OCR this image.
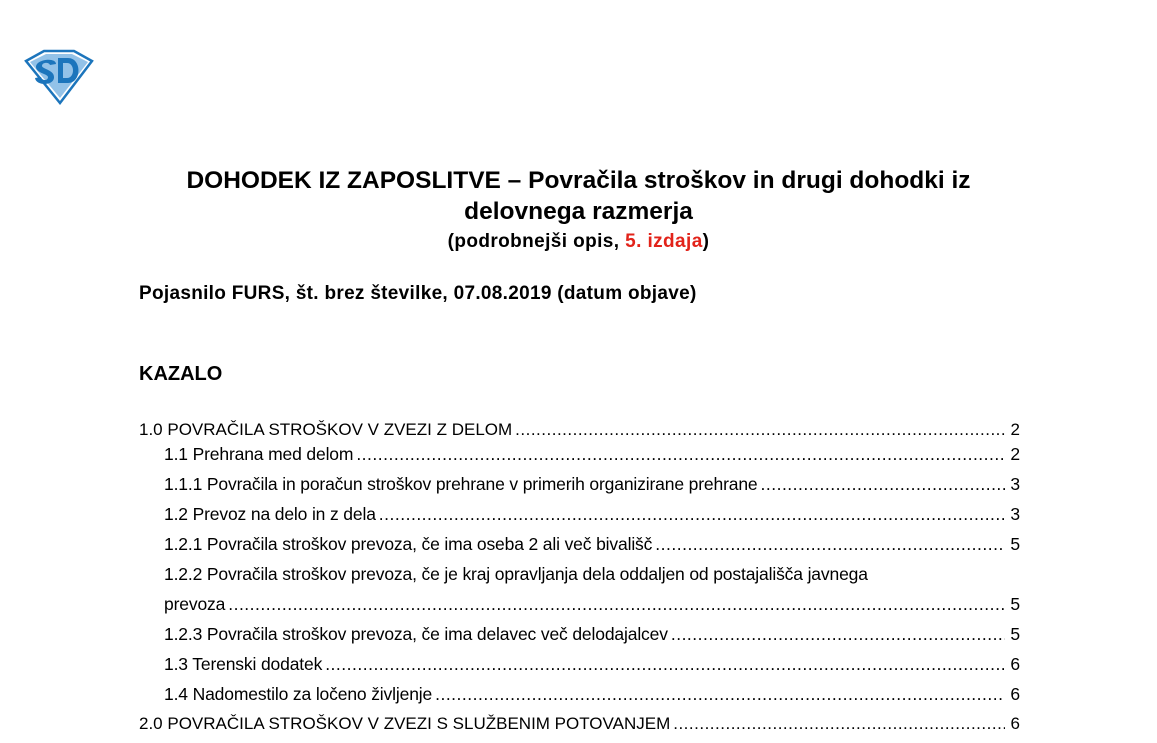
DOHODEK IZ ZAPOSLITVE – Povračila stroškov in drugi dohodki iz
delovnega razmerja
(podrobnejši opis, 5. izdaja)
Pojasnilo FURS, št. brez številke, 07.08.2019 (datum objave)
KAZALO
1.0 POVRAČILA STROŠKOV V ZVEZI Z DELOM .....	2
1.1 Prehrana med delom .....	2
1.1.1 Povračila in poračun stroškov prehrane v primerih organizirane prehrane .....	3
1.2 Prevoz na delo in z dela .....	3
1.2.1 Povračila stroškov prevoza, če ima oseba 2 ali več bivališč .....	5
1.2.2 Povračila stroškov prevoza, če je kraj opravljanja dela oddaljen od postajališča javnega
prevoza .....	5
1.2.3 Povračila stroškov prevoza, če ima delavec več delodajalcev .....	5
1.3 Terenski dodatek .....	6
1.4 Nadomestilo za ločeno življenje .....	6
2.0 POVRAČILA STROŠKOV V ZVEZI S SLUŽBENIM POTOVANJEM .....	6
